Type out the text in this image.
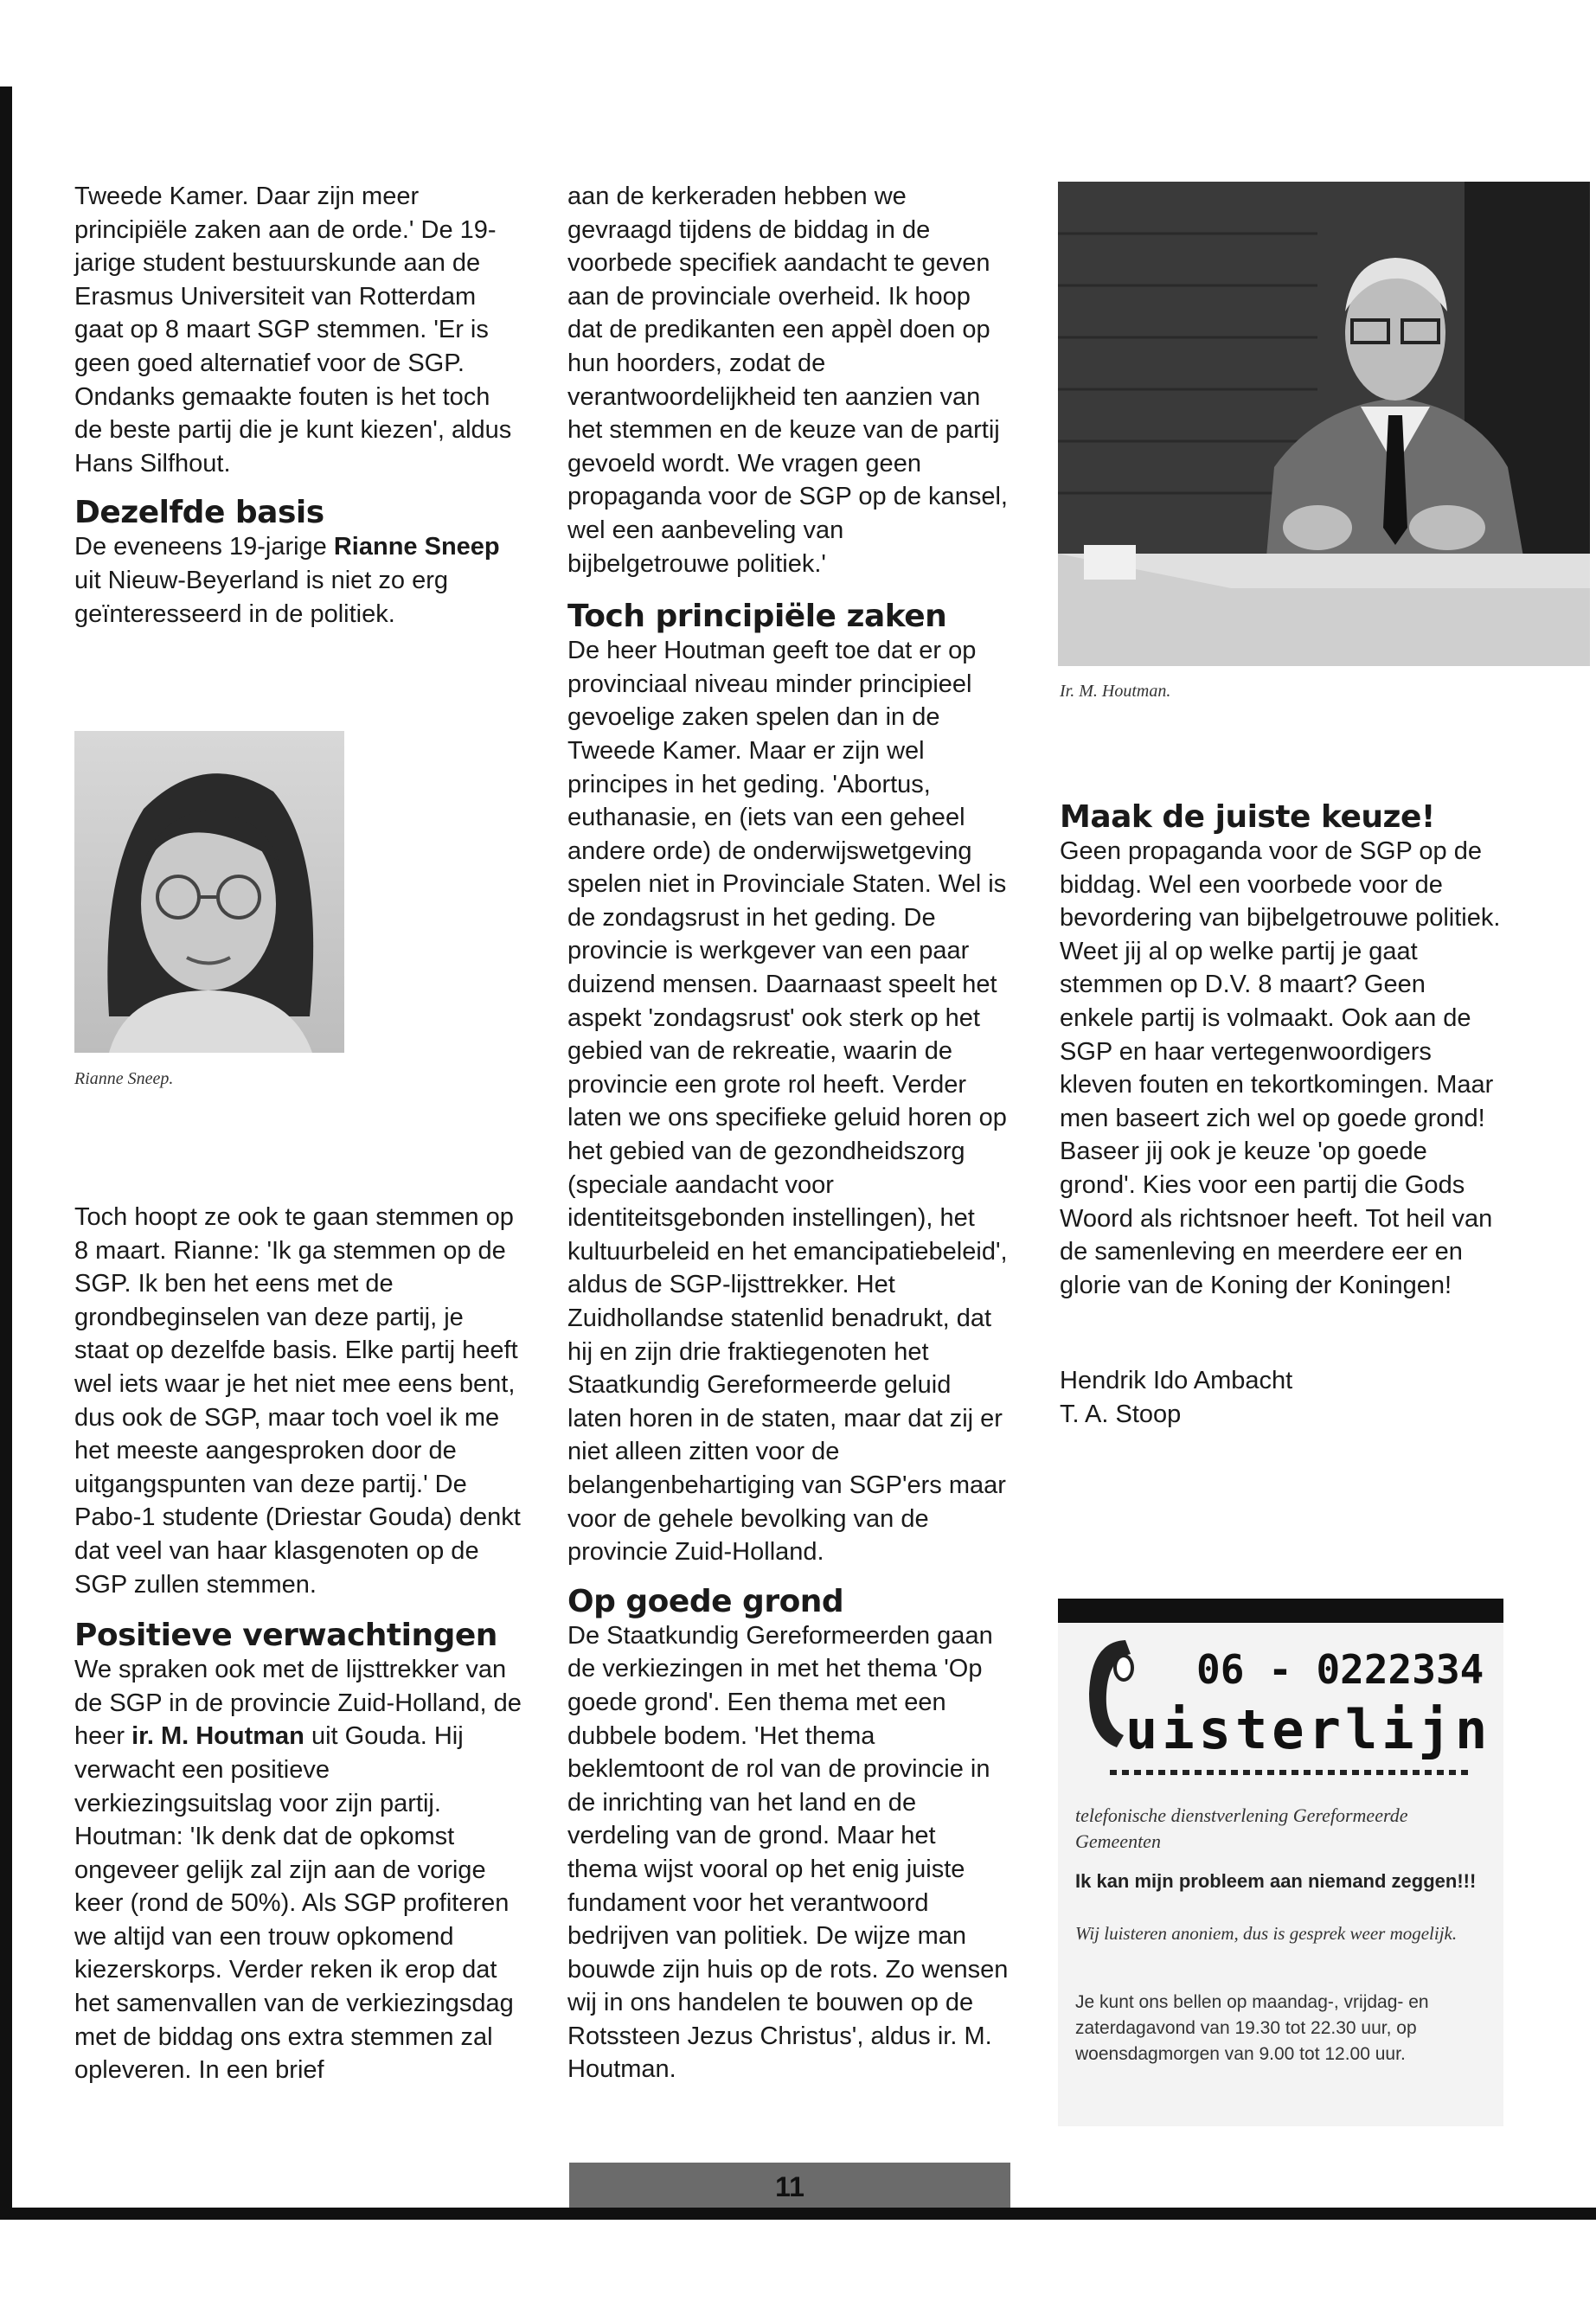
Tweede Kamer. Daar zijn meer principiële zaken aan de orde.' De 19-jarige student bestuurskunde aan de Erasmus Universiteit van Rotterdam gaat op 8 maart SGP stemmen. 'Er is geen goed alternatief voor de SGP. Ondanks gemaakte fouten is het toch de beste partij die je kunt kiezen', aldus Hans Silfhout.

Dezelfde basis

De eveneens 19-jarige Rianne Sneep uit Nieuw-Beyerland is niet zo erg geïnteresseerd in de politiek.

Rianne Sneep.

Toch hoopt ze ook te gaan stemmen op 8 maart. Rianne: 'Ik ga stemmen op de SGP. Ik ben het eens met de grondbeginselen van deze partij, je staat op dezelfde basis. Elke partij heeft wel iets waar je het niet mee eens bent, dus ook de SGP, maar toch voel ik me het meeste aangesproken door de uitgangspunten van deze partij.' De Pabo-1 studente (Driestar Gouda) denkt dat veel van haar klasgenoten op de SGP zullen stemmen.

Positieve verwachtingen

We spraken ook met de lijsttrekker van de SGP in de provincie Zuid-Holland, de heer ir. M. Houtman uit Gouda. Hij verwacht een positieve verkiezingsuitslag voor zijn partij. Houtman: 'Ik denk dat de opkomst ongeveer gelijk zal zijn aan de vorige keer (rond de 50%). Als SGP profiteren we altijd van een trouw opkomend kiezerskorps. Verder reken ik erop dat het samenvallen van de verkiezingsdag met de biddag ons extra stemmen zal opleveren. In een brief

aan de kerkeraden hebben we gevraagd tijdens de biddag in de voorbede specifiek aandacht te geven aan de provinciale overheid. Ik hoop dat de predikanten een appèl doen op hun hoorders, zodat de verantwoordelijkheid ten aanzien van het stemmen en de keuze van de partij gevoeld wordt. We vragen geen propaganda voor de SGP op de kansel, wel een aanbeveling van bijbelgetrouwe politiek.'

Toch principiële zaken

De heer Houtman geeft toe dat er op provinciaal niveau minder principieel gevoelige zaken spelen dan in de Tweede Kamer. Maar er zijn wel principes in het geding. 'Abortus, euthanasie, en (iets van een geheel andere orde) de onderwijswetgeving spelen niet in Provinciale Staten. Wel is de zondagsrust in het geding. De provincie is werkgever van een paar duizend mensen. Daarnaast speelt het aspekt 'zondagsrust' ook sterk op het gebied van de rekreatie, waarin de provincie een grote rol heeft. Verder laten we ons specifieke geluid horen op het gebied van de gezondheidszorg (speciale aandacht voor identiteitsgebonden instellingen), het kultuurbeleid en het emancipatiebeleid', aldus de SGP-lijsttrekker. Het Zuidhollandse statenlid benadrukt, dat hij en zijn drie fraktiegenoten het Staatkundig Gereformeerde geluid laten horen in de staten, maar dat zij er niet alleen zitten voor de belangenbehartiging van SGP'ers maar voor de gehele bevolking van de provincie Zuid-Holland.

Op goede grond

De Staatkundig Gereformeerden gaan de verkiezingen in met het thema 'Op goede grond'. Een thema met een dubbele bodem. 'Het thema beklemtoont de rol van de provincie in de inrichting van het land en de verdeling van de grond. Maar het thema wijst vooral op het enig juiste fundament voor het verantwoord bedrijven van politiek. De wijze man bouwde zijn huis op de rots. Zo wensen wij in ons handelen te bouwen op de Rotssteen Jezus Christus', aldus ir. M. Houtman.

Ir. M. Houtman.
Maak de juiste keuze!

Geen propaganda voor de SGP op de biddag. Wel een voorbede voor de bevordering van bijbelgetrouwe politiek. Weet jij al op welke partij je gaat stemmen op D.V. 8 maart? Geen enkele partij is volmaakt. Ook aan de SGP en haar vertegenwoordigers kleven fouten en tekortkomingen. Maar men baseert zich wel op goede grond! Baseer jij ook je keuze 'op goede grond'. Kies voor een partij die Gods Woord als richtsnoer heeft. Tot heil van de samenleving en meerdere eer en glorie van de Koning der Koningen!

Hendrik Ido Ambacht

T. A. Stoop

06 - 0222334
uisterlijn
telefonische dienstverlening Gereformeerde Gemeenten
Ik kan mijn probleem aan niemand zeggen!!!
Wij luisteren anoniem, dus is gesprek weer mogelijk.
Je kunt ons bellen op maandag-, vrijdag- en zaterdagavond van 19.30 tot 22.30 uur, op woensdagmorgen van 9.00 tot 12.00 uur.
11
